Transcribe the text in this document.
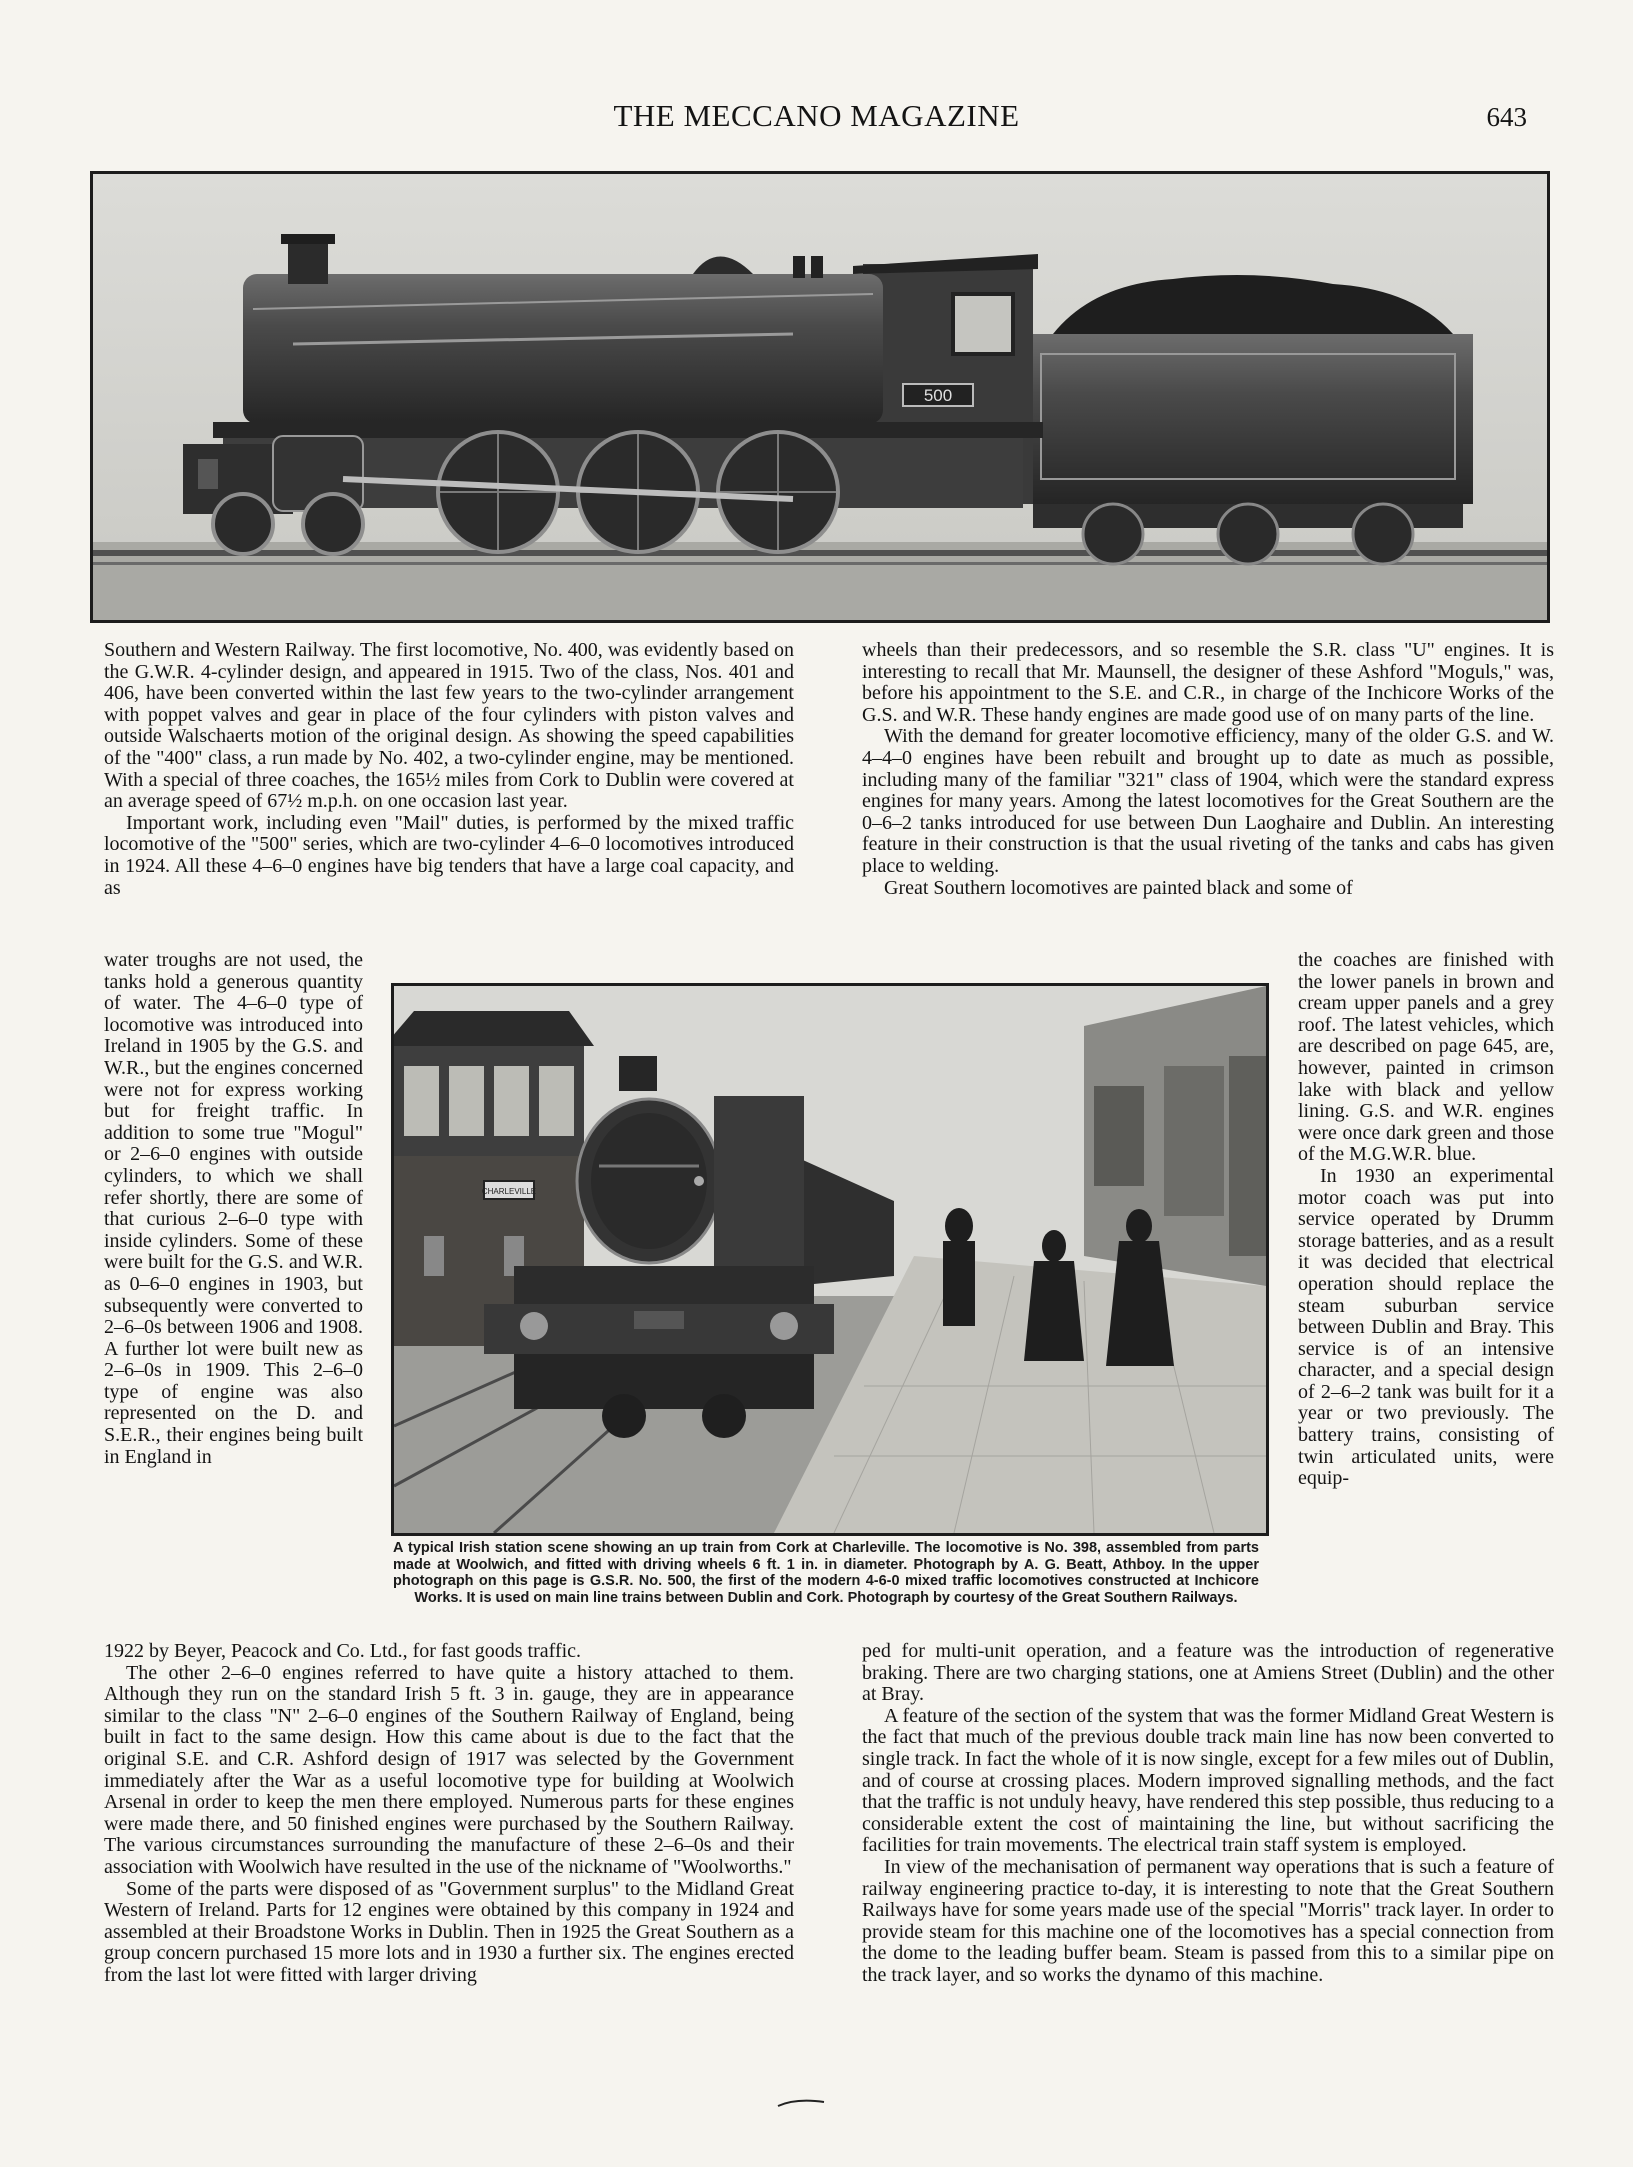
THE MECCANO MAGAZINE	643
500

Southern and Western Railway. The first locomotive, No. 400, was evidently based on the G.W.R. 4-cylinder design, and appeared in 1915. Two of the class, Nos. 401 and 406, have been converted within the last few years to the two-cylinder arrangement with poppet valves and gear in place of the four cylinders with piston valves and outside Walschaerts motion of the original design. As showing the speed capabilities of the "400" class, a run made by No. 402, a two-cylinder engine, may be mentioned. With a special of three coaches, the 165½ miles from Cork to Dublin were covered at an average speed of 67½ m.p.h. on one occasion last year.

Important work, including even "Mail" duties, is performed by the mixed traffic locomotive of the "500" series, which are two-cylinder 4–6–0 locomotives introduced in 1924. All these 4–6–0 engines have big tenders that have a large coal capacity, and as

water troughs are not used, the tanks hold a generous quantity of water. The 4–6–0 type of locomotive was introduced into Ireland in 1905 by the G.S. and W.R., but the engines concerned were not for express working but for freight traffic. In addition to some true "Mogul" or 2–6–0 engines with outside cylinders, to which we shall refer shortly, there are some of that curious 2–6–0 type with inside cylinders. Some of these were built for the G.S. and W.R. as 0–6–0 engines in 1903, but subsequently were converted to 2–6–0s between 1906 and 1908. A further lot were built new as 2–6–0s in 1909. This 2–6–0 type of engine was also represented on the D. and S.E.R., their engines being built in England in

1922 by Beyer, Peacock and Co. Ltd., for fast goods traffic.

The other 2–6–0 engines referred to have quite a history attached to them. Although they run on the standard Irish 5 ft. 3 in. gauge, they are in appearance similar to the class "N" 2–6–0 engines of the Southern Railway of England, being built in fact to the same design. How this came about is due to the fact that the original S.E. and C.R. Ashford design of 1917 was selected by the Government immediately after the War as a useful locomotive type for building at Woolwich Arsenal in order to keep the men there employed. Numerous parts for these engines were made there, and 50 finished engines were purchased by the Southern Railway. The various circumstances surrounding the manufacture of these 2–6–0s and their association with Woolwich have resulted in the use of the nickname of "Woolworths."

Some of the parts were disposed of as "Government surplus" to the Midland Great Western of Ireland. Parts for 12 engines were obtained by this company in 1924 and assembled at their Broadstone Works in Dublin. Then in 1925 the Great Southern as a group concern purchased 15 more lots and in 1930 a further six. The engines erected from the last lot were fitted with larger driving

CHARLEVILLE
A typical Irish station scene showing an up train from Cork at Charleville. The locomotive is No. 398, assembled from parts made at Woolwich, and fitted with driving wheels 6 ft. 1 in. in diameter. Photograph by A. G. Beatt, Athboy. In the upper photograph on this page is G.S.R. No. 500, the first of the modern 4-6-0 mixed traffic locomotives constructed at Inchicore Works. It is used on main line trains between Dublin and Cork. Photograph by courtesy of the Great Southern Railways.

wheels than their predecessors, and so resemble the S.R. class "U" engines. It is interesting to recall that Mr. Maunsell, the designer of these Ashford "Moguls," was, before his appointment to the S.E. and C.R., in charge of the Inchicore Works of the G.S. and W.R. These handy engines are made good use of on many parts of the line.

With the demand for greater locomotive efficiency, many of the older G.S. and W. 4–4–0 engines have been rebuilt and brought up to date as much as possible, including many of the familiar "321" class of 1904, which were the standard express engines for many years. Among the latest locomotives for the Great Southern are the 0–6–2 tanks introduced for use between Dun Laoghaire and Dublin. An interesting feature in their construction is that the usual riveting of the tanks and cabs has given place to welding.

Great Southern locomotives are painted black and some of

the coaches are finished with the lower panels in brown and cream upper panels and a grey roof. The latest vehicles, which are described on page 645, are, however, painted in crimson lake with black and yellow lining. G.S. and W.R. engines were once dark green and those of the M.G.W.R. blue.

In 1930 an experimental motor coach was put into service operated by Drumm storage batteries, and as a result it was decided that electrical operation should replace the steam suburban service between Dublin and Bray. This service is of an intensive character, and a special design of 2–6–2 tank was built for it a year or two previously. The battery trains, consisting of twin articulated units, were equip-

ped for multi-unit operation, and a feature was the introduction of regenerative braking. There are two charging stations, one at Amiens Street (Dublin) and the other at Bray.

A feature of the section of the system that was the former Midland Great Western is the fact that much of the previous double track main line has now been converted to single track. In fact the whole of it is now single, except for a few miles out of Dublin, and of course at crossing places. Modern improved signalling methods, and the fact that the traffic is not unduly heavy, have rendered this step possible, thus reducing to a considerable extent the cost of maintaining the line, but without sacrificing the facilities for train movements. The electrical train staff system is employed.

In view of the mechanisation of permanent way operations that is such a feature of railway engineering practice to-day, it is interesting to note that the Great Southern Railways have for some years made use of the special "Morris" track layer. In order to provide steam for this machine one of the locomotives has a special connection from the dome to the leading buffer beam. Steam is passed from this to a similar pipe on the track layer, and so works the dynamo of this machine.
